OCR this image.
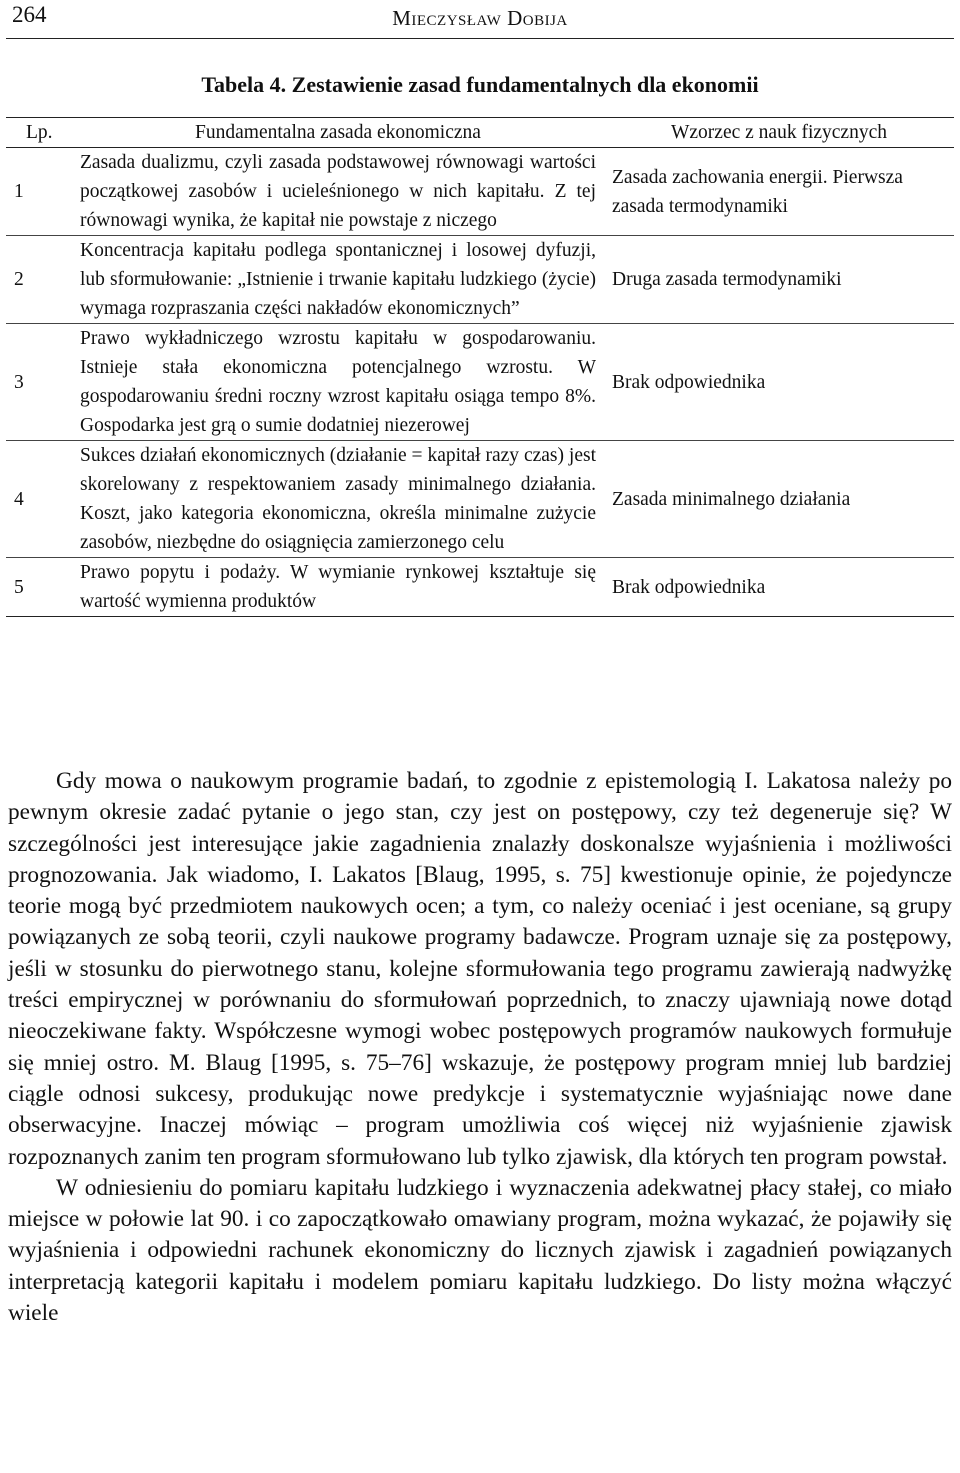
264	Mieczysław Dobija
Tabela 4. Zestawienie zasad fundamentalnych dla ekonomii
Lp.	Fundamentalna zasada ekonomiczna	Wzorzec z nauk fizycznych
1	Zasada dualizmu, czyli zasada podstawowej równowagi wartości początkowej zasobów i ucieleśnionego w nich kapitału. Z tej równowagi wynika, że kapitał nie powstaje z niczego	Zasada zachowania energii. Pierwsza zasada termodynamiki
2	Koncentracja kapitału podlega spontanicznej i losowej dyfuzji, lub sformułowanie: „Istnienie i trwanie kapitału ludzkiego (życie) wymaga rozpraszania części nakładów ekonomicznych”	Druga zasada termodynamiki
3	Prawo wykładniczego wzrostu kapitału w gospodarowaniu. Istnieje stała ekonomiczna potencjalnego wzrostu. W gospodarowaniu średni roczny wzrost kapitału osiąga tempo 8%. Gospodarka jest grą o sumie dodatniej niezerowej	Brak odpowiednika
4	Sukces działań ekonomicznych (działanie = kapitał razy czas) jest skorelowany z respektowaniem zasady minimalnego działania. Koszt, jako kategoria ekonomiczna, określa minimalne zużycie zasobów, niezbędne do osiągnięcia zamierzonego celu	Zasada minimalnego działania
5	Prawo popytu i podaży. W wymianie rynkowej kształtuje się wartość wymienna produktów	Brak odpowiednika

Gdy mowa o naukowym programie badań, to zgodnie z epistemologią I. Lakatosa należy po pewnym okresie zadać pytanie o jego stan, czy jest on postępowy, czy też degeneruje się? W szczególności jest interesujące jakie zagadnienia znalazły doskonalsze wyjaśnienia i możliwości prognozowania. Jak wiadomo, I. Lakatos [Blaug, 1995, s. 75] kwestionuje opinie, że pojedyncze teorie mogą być przedmiotem naukowych ocen; a tym, co należy oceniać i jest oceniane, są grupy powiązanych ze sobą teorii, czyli naukowe programy badawcze. Program uznaje się za postępowy, jeśli w stosunku do pierwotnego stanu, kolejne sformułowania tego programu zawierają nadwyżkę treści empirycznej w porównaniu do sformułowań poprzednich, to znaczy ujawniają nowe dotąd nieoczekiwane fakty. Współczesne wymogi wobec postępowych programów naukowych formułuje się mniej ostro. M. Blaug [1995, s. 75–76] wskazuje, że postępowy program mniej lub bardziej ciągle odnosi sukcesy, produkując nowe predykcje i systematycznie wyjaśniając nowe dane obserwacyjne. Inaczej mówiąc – program umożliwia coś więcej niż wyjaśnienie zjawisk rozpoznanych zanim ten program sformułowano lub tylko zjawisk, dla których ten program powstał.

W odniesieniu do pomiaru kapitału ludzkiego i wyznaczenia adekwatnej płacy stałej, co miało miejsce w połowie lat 90. i co zapoczątkowało omawiany program, można wykazać, że pojawiły się wyjaśnienia i odpowiedni rachunek ekonomiczny do licznych zjawisk i zagadnień powiązanych interpretacją kategorii kapitału i modelem pomiaru kapitału ludzkiego. Do listy można włączyć wiele
